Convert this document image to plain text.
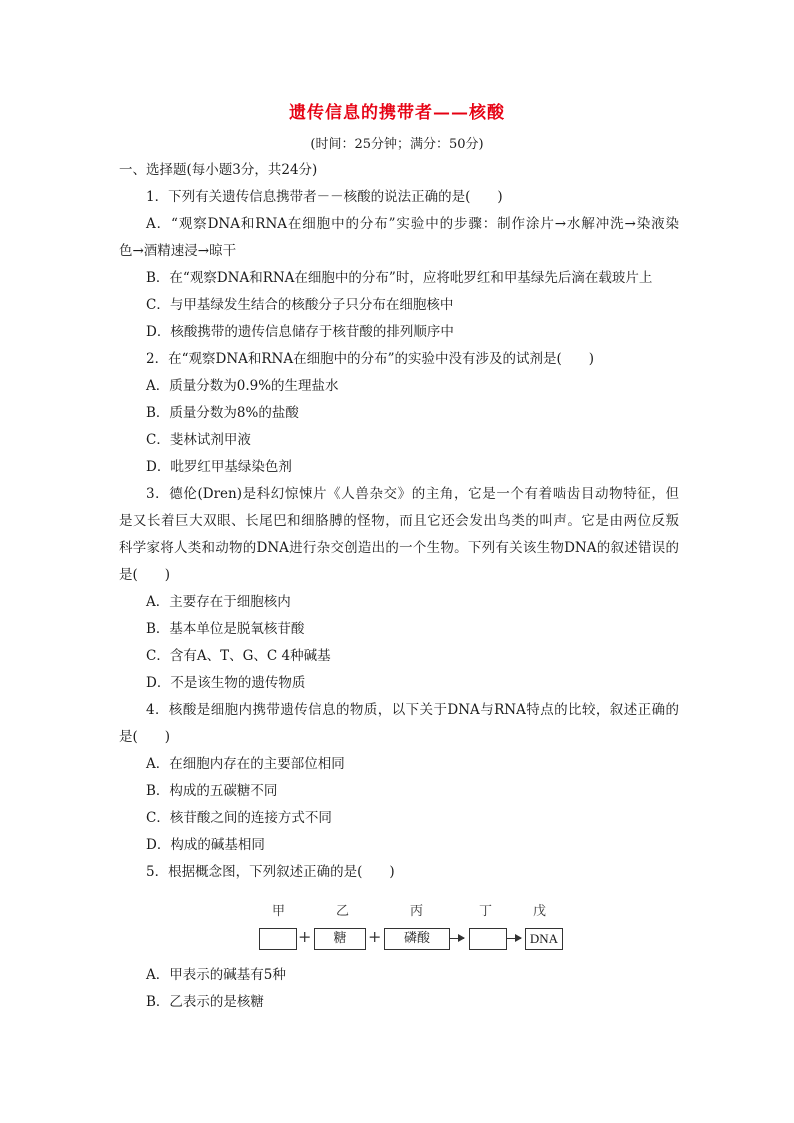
遗传信息的携带者——核酸
(时间：25分钟；满分：50分)
一、选择题(每小题3分，共24分)
1．下列有关遗传信息携带者－－核酸的说法正确的是(　　)
A．“观察DNA和RNA在细胞中的分布”实验中的步骤：制作涂片→水解冲洗→染液染
色→酒精速浸→晾干
B．在“观察DNA和RNA在细胞中的分布”时，应将吡罗红和甲基绿先后滴在载玻片上
C．与甲基绿发生结合的核酸分子只分布在细胞核中
D．核酸携带的遗传信息储存于核苷酸的排列顺序中
2．在“观察DNA和RNA在细胞中的分布”的实验中没有涉及的试剂是(　　)
A．质量分数为0.9%的生理盐水
B．质量分数为8%的盐酸
C．斐林试剂甲液
D．吡罗红甲基绿染色剂
3．德伦(Dren)是科幻惊悚片《人兽杂交》的主角，它是一个有着啮齿目动物特征，但
是又长着巨大双眼、长尾巴和细胳膊的怪物，而且它还会发出鸟类的叫声。它是由两位反叛
科学家将人类和动物的DNA进行杂交创造出的一个生物。下列有关该生物DNA的叙述错误的
是(　　)
A．主要存在于细胞核内
B．基本单位是脱氧核苷酸
C．含有A、T、G、C 4种碱基
D．不是该生物的遗传物质
4．核酸是细胞内携带遗传信息的物质，以下关于DNA与RNA特点的比较，叙述正确的
是(　　)
A．在细胞内存在的主要部位相同
B．构成的五碳糖不同
C．核苷酸之间的连接方式不同
D．构成的碱基相同
5．根据概念图，下列叙述正确的是(　　)
甲	乙	丙	丁	戊
+	糖	+	磷酸	DNA
A．甲表示的碱基有5种
B．乙表示的是核糖
